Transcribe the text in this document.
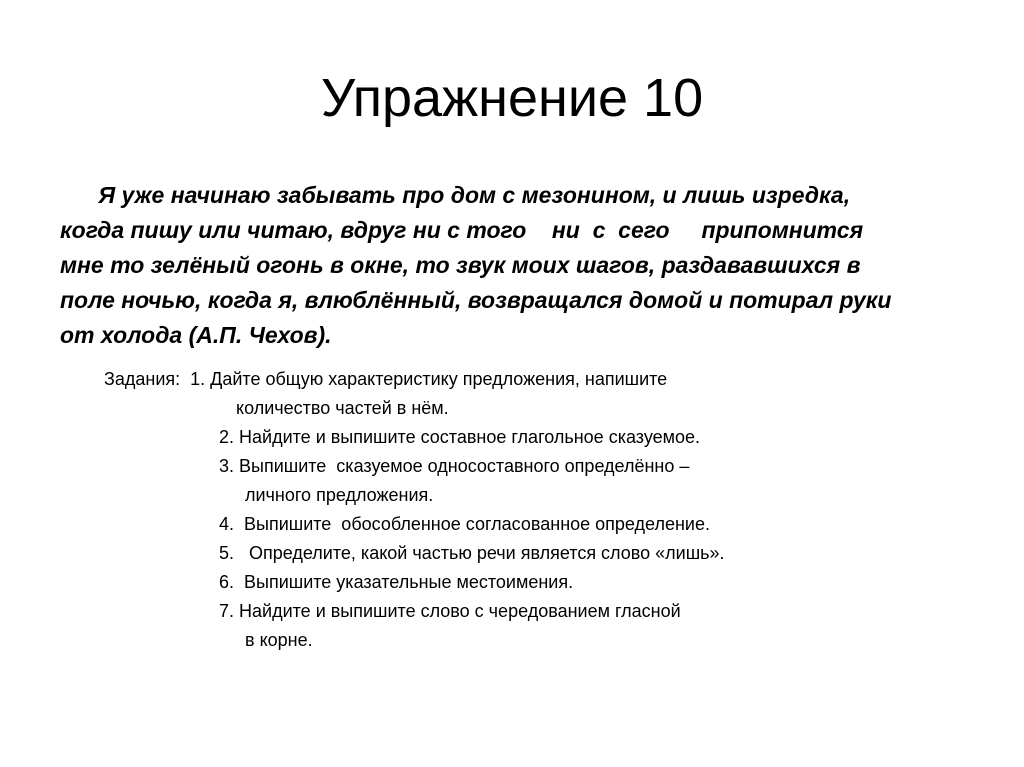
Упражнение 10
Я уже начинаю забывать про дом с мезонином, и лишь изредка,
когда пишу или читаю, вдруг ни с того    ни  с  сего     припомнится
мне то зелёный огонь в окне, то звук моих шагов, раздававшихся в
поле ночью, когда я, влюблённый, возвращался домой и потирал руки
от холода (А.П. Чехов).
Задания:  1. Дайте общую характеристику предложения, напишите
количество частей в нём.
2. Найдите и выпишите составное глагольное сказуемое.
3. Выпишите  сказуемое односоставного определённо –
личного предложения.
4.  Выпишите  обособленное согласованное определение.
5.   Определите, какой частью речи является слово «лишь».
6.  Выпишите указательные местоимения.
7. Найдите и выпишите слово с чередованием гласной
в корне.
